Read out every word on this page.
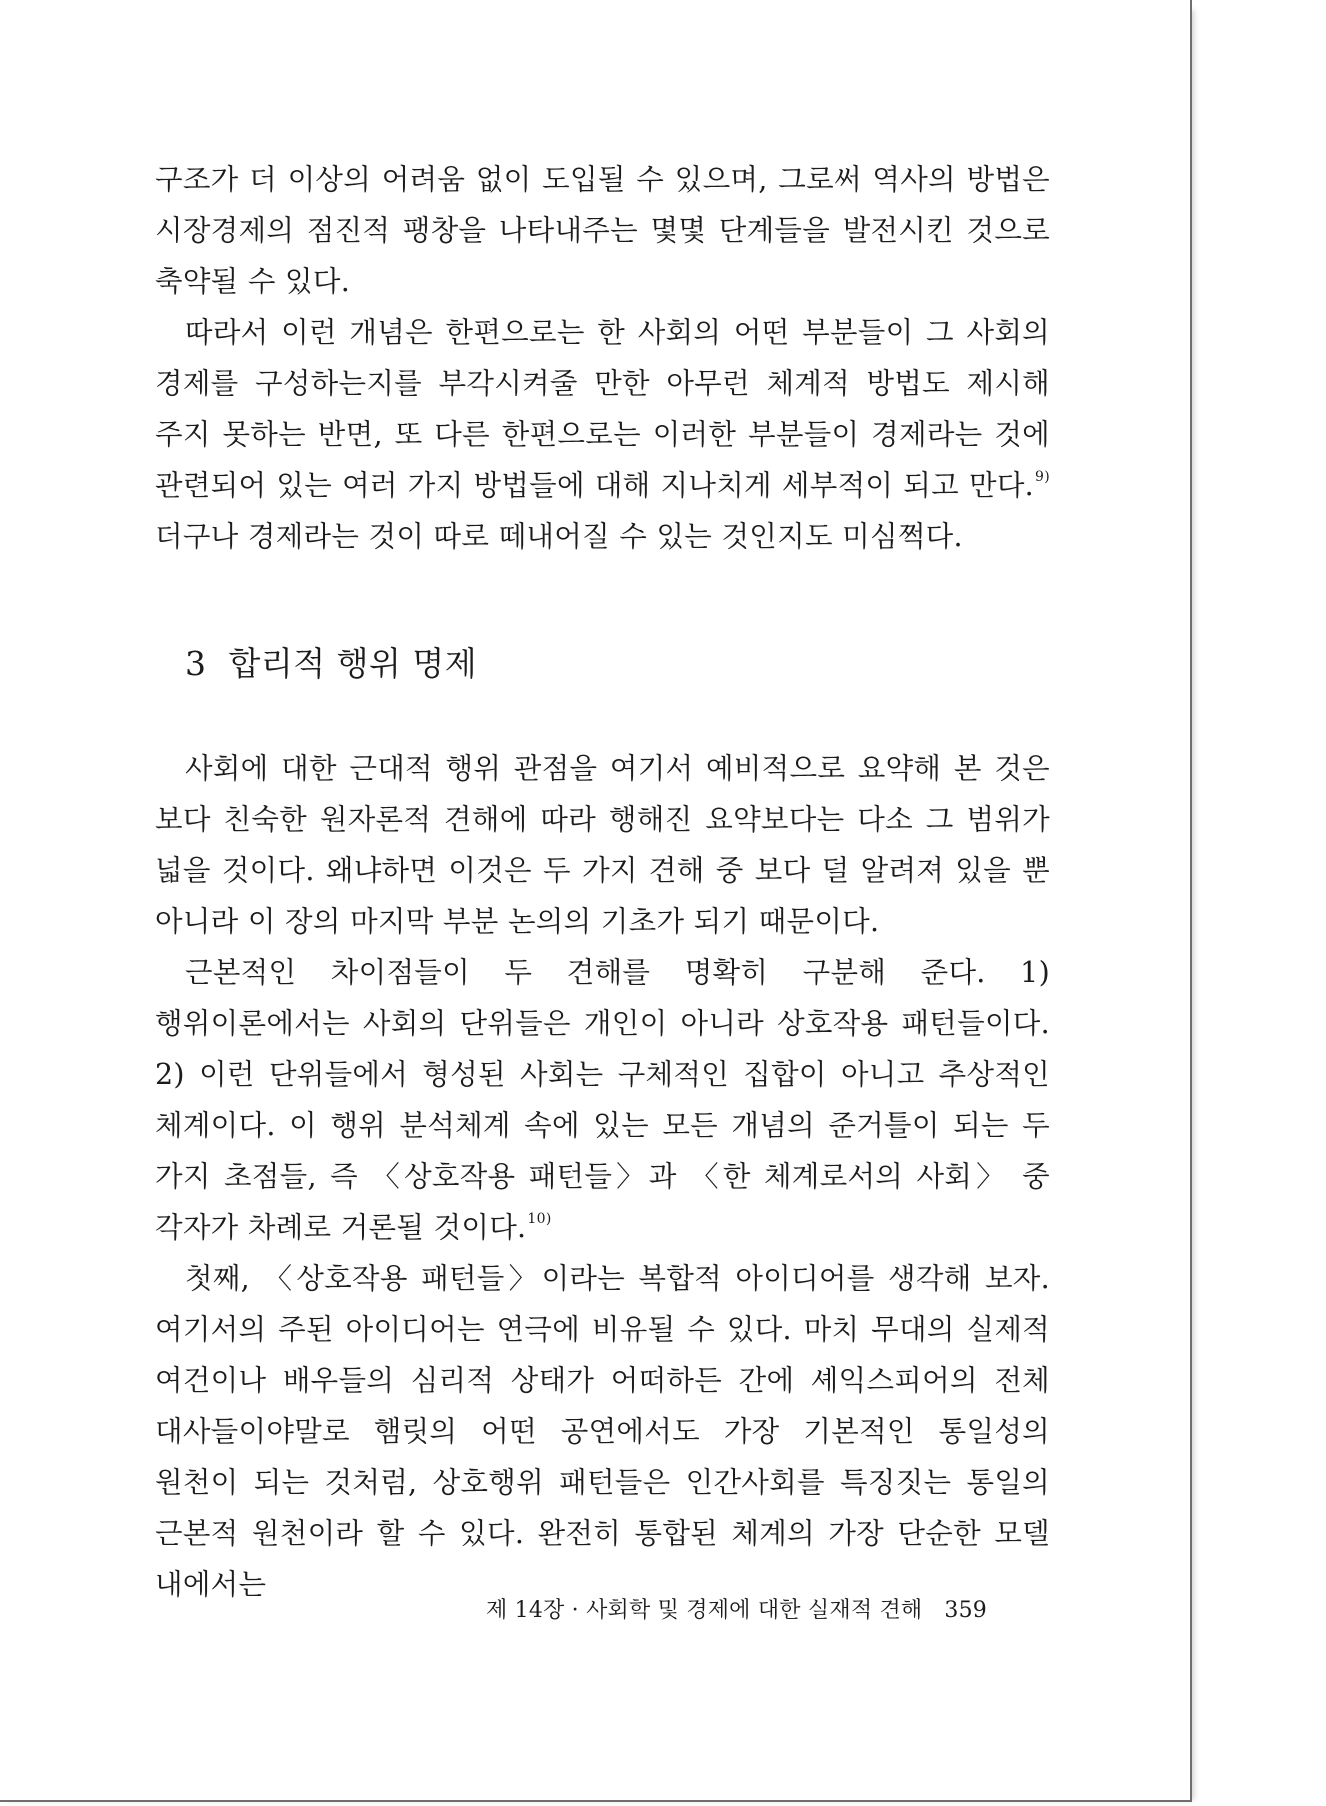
구조가 더 이상의 어려움 없이 도입될 수 있으며, 그로써 역사의 방법은 시장경제의 점진적 팽창을 나타내주는 몇몇 단계들을 발전시킨 것으로 축약될 수 있다.

따라서 이런 개념은 한편으로는 한 사회의 어떤 부분들이 그 사회의 경제를 구성하는지를 부각시켜줄 만한 아무런 체계적 방법도 제시해 주지 못하는 반면, 또 다른 한편으로는 이러한 부분들이 경제라는 것에 관련되어 있는 여러 가지 방법들에 대해 지나치게 세부적이 되고 만다.$^{9)}$ 더구나 경제라는 것이 따로 떼내어질 수 있는 것인지도 미심쩍다.

3 합리적 행위 명제

사회에 대한 근대적 행위 관점을 여기서 예비적으로 요약해 본 것은 보다 친숙한 원자론적 견해에 따라 행해진 요약보다는 다소 그 범위가 넓을 것이다. 왜냐하면 이것은 두 가지 견해 중 보다 덜 알려져 있을 뿐 아니라 이 장의 마지막 부분 논의의 기초가 되기 때문이다.

근본적인 차이점들이 두 견해를 명확히 구분해 준다. 1) 행위이론에서는 사회의 단위들은 개인이 아니라 상호작용 패턴들이다. 2) 이런 단위들에서 형성된 사회는 구체적인 집합이 아니고 추상적인 체계이다. 이 행위 분석체계 속에 있는 모든 개념의 준거틀이 되는 두 가지 초점들, 즉 〈상호작용 패턴들〉과 〈한 체계로서의 사회〉 중 각자가 차례로 거론될 것이다.$^{10)}$

첫째, 〈상호작용 패턴들〉이라는 복합적 아이디어를 생각해 보자. 여기서의 주된 아이디어는 연극에 비유될 수 있다. 마치 무대의 실제적 여건이나 배우들의 심리적 상태가 어떠하든 간에 셰익스피어의 전체 대사들이야말로 햄릿의 어떤 공연에서도 가장 기본적인 통일성의 원천이 되는 것처럼, 상호행위 패턴들은 인간사회를 특징짓는 통일의 근본적 원천이라 할 수 있다. 완전히 통합된 체계의 가장 단순한 모델 내에서는

제 14장 · 사회학 및 경제에 대한 실재적 견해 359
